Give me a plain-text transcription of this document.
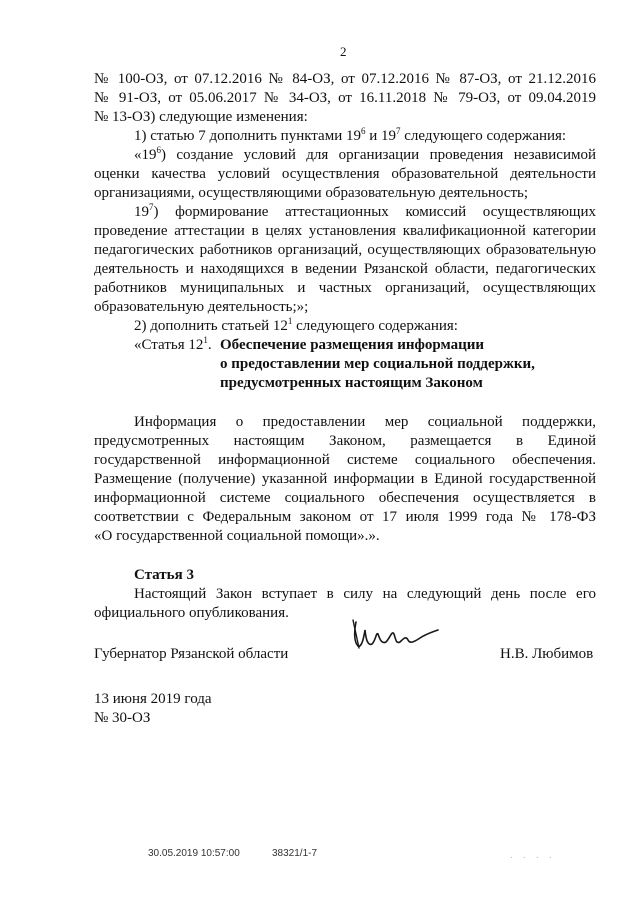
2
№ 100-ОЗ, от 07.12.2016 № 84-ОЗ, от 07.12.2016 № 87-ОЗ, от 21.12.2016
№ 91-ОЗ, от 05.06.2017 № 34-ОЗ, от 16.11.2018 № 79-ОЗ, от 09.04.2019
№ 13-ОЗ) следующие изменения:
1) статью 7 дополнить пунктами $19^6$ и $19^7$ следующего содержания:
«$19^6$) создание условий для организации проведения независимой
оценки качества условий осуществления образовательной деятельности
организациями, осуществляющими образовательную деятельность;
$19^7$) формирование аттестационных комиссий осуществляющих
проведение аттестации в целях установления квалификационной категории
педагогических работников организаций, осуществляющих образовательную
деятельность и находящихся в ведении Рязанской области, педагогических
работников муниципальных и частных организаций, осуществляющих
образовательную деятельность;»;
2) дополнить статьей $12^1$ следующего содержания:
«Статья $12^1$. Обеспечение размещения информации
о предоставлении мер социальной поддержки,
предусмотренных настоящим Законом
Информация о предоставлении мер социальной поддержки,
предусмотренных настоящим Законом, размещается в Единой
государственной информационной системе социального обеспечения.
Размещение (получение) указанной информации в Единой государственной
информационной системе социального обеспечения осуществляется в
соответствии с Федеральным законом от 17 июля 1999 года № 178-ФЗ
«О государственной социальной помощи».».
Статья 3
Настоящий Закон вступает в силу на следующий день после его
официального опубликования.
Губернатор Рязанской области	Н.В. Любимов
13 июня 2019 года
№ 30-ОЗ
30.05.2019 10:57:00	38321/1-7	. . . .
